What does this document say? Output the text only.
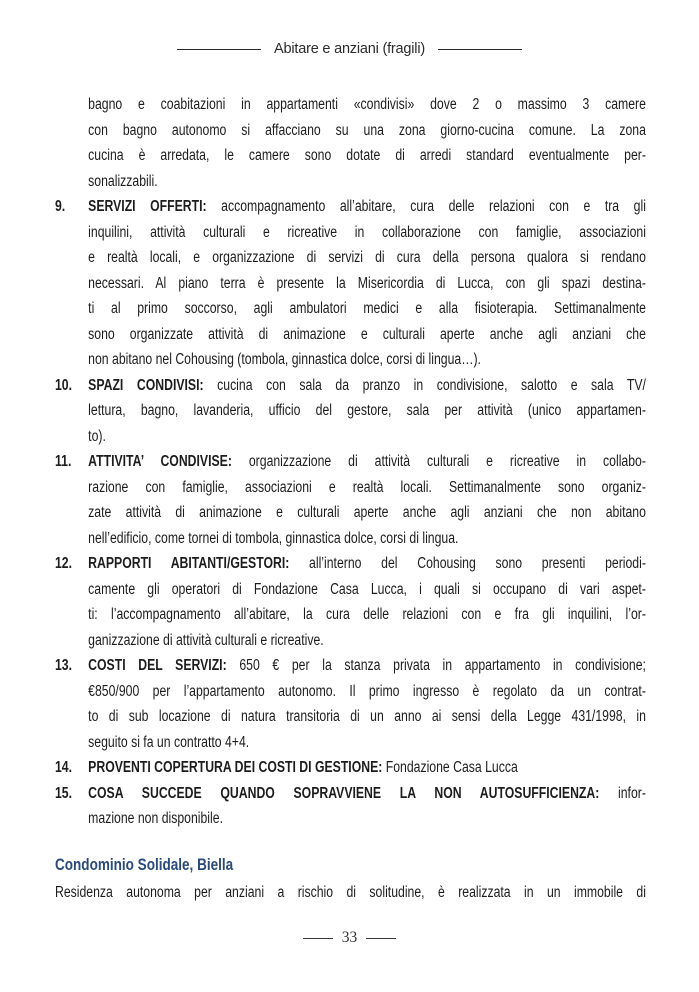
Abitare e anziani (fragili)
bagno e coabitazioni in appartamenti «condivisi» dove 2 o massimo 3 camere
con bagno autonomo si affacciano su una zona giorno-cucina comune. La zona
cucina è arredata, le camere sono dotate di arredi standard eventualmente per-
sonalizzabili.
9. SERVIZI OFFERTI: accompagnamento all’abitare, cura delle relazioni con e tra gli
inquilini, attività culturali e ricreative in collaborazione con famiglie, associazioni
e realtà locali, e organizzazione di servizi di cura della persona qualora si rendano
necessari. Al piano terra è presente la Misericordia di Lucca, con gli spazi destina-
ti al primo soccorso, agli ambulatori medici e alla fisioterapia. Settimanalmente
sono organizzate attività di animazione e culturali aperte anche agli anziani che
non abitano nel Cohousing (tombola, ginnastica dolce, corsi di lingua…).
10. SPAZI CONDIVISI: cucina con sala da pranzo in condivisione, salotto e sala TV/
lettura, bagno, lavanderia, ufficio del gestore, sala per attività (unico appartamen-
to).
11. ATTIVITA’ CONDIVISE: organizzazione di attività culturali e ricreative in collabo-
razione con famiglie, associazioni e realtà locali. Settimanalmente sono organiz-
zate attività di animazione e culturali aperte anche agli anziani che non abitano
nell’edificio, come tornei di tombola, ginnastica dolce, corsi di lingua.
12. RAPPORTI ABITANTI/GESTORI: all’interno del Cohousing sono presenti periodi-
camente gli operatori di Fondazione Casa Lucca, i quali si occupano di vari aspet-
ti: l’accompagnamento all’abitare, la cura delle relazioni con e fra gli inquilini, l’or-
ganizzazione di attività culturali e ricreative.
13. COSTI DEL SERVIZI: 650 € per la stanza privata in appartamento in condivisione;
€850/900 per l’appartamento autonomo. Il primo ingresso è regolato da un contrat-
to di sub locazione di natura transitoria di un anno ai sensi della Legge 431/1998, in
seguito si fa un contratto 4+4.
14. PROVENTI COPERTURA DEI COSTI DI GESTIONE: Fondazione Casa Lucca
15. COSA SUCCEDE QUANDO SOPRAVVIENE LA NON AUTOSUFFICIENZA: infor-
mazione non disponibile.
Condominio Solidale, Biella
Residenza autonoma per anziani a rischio di solitudine, è realizzata in un immobile di
33
